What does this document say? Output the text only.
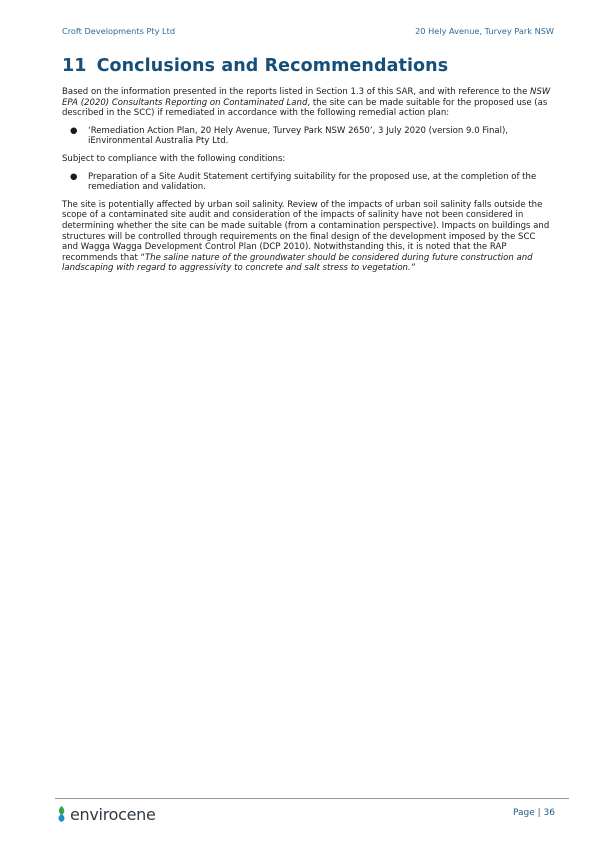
Croft Developments Pty Ltd	20 Hely Avenue, Turvey Park NSW
11 Conclusions and Recommendations

Based on the information presented in the reports listed in Section 1.3 of this SAR, and with reference to the NSW EPA (2020) Consultants Reporting on Contaminated Land, the site can be made suitable for the proposed use (as described in the SCC) if remediated in accordance with the following remedial action plan:

● ‘Remediation Action Plan, 20 Hely Avenue, Turvey Park NSW 2650’, 3 July 2020 (version 9.0 Final), iEnvironmental Australia Pty Ltd.

Subject to compliance with the following conditions:

● Preparation of a Site Audit Statement certifying suitability for the proposed use, at the completion of the remediation and validation.

The site is potentially affected by urban soil salinity. Review of the impacts of urban soil salinity falls outside the scope of a contaminated site audit and consideration of the impacts of salinity have not been considered in determining whether the site can be made suitable (from a contamination perspective). Impacts on buildings and structures will be controlled through requirements on the final design of the development imposed by the SCC and Wagga Wagga Development Control Plan (DCP 2010). Notwithstanding this, it is noted that the RAP recommends that “The saline nature of the groundwater should be considered during future construction and landscaping with regard to aggressivity to concrete and salt stress to vegetation.”

envirocene	Page | 36
